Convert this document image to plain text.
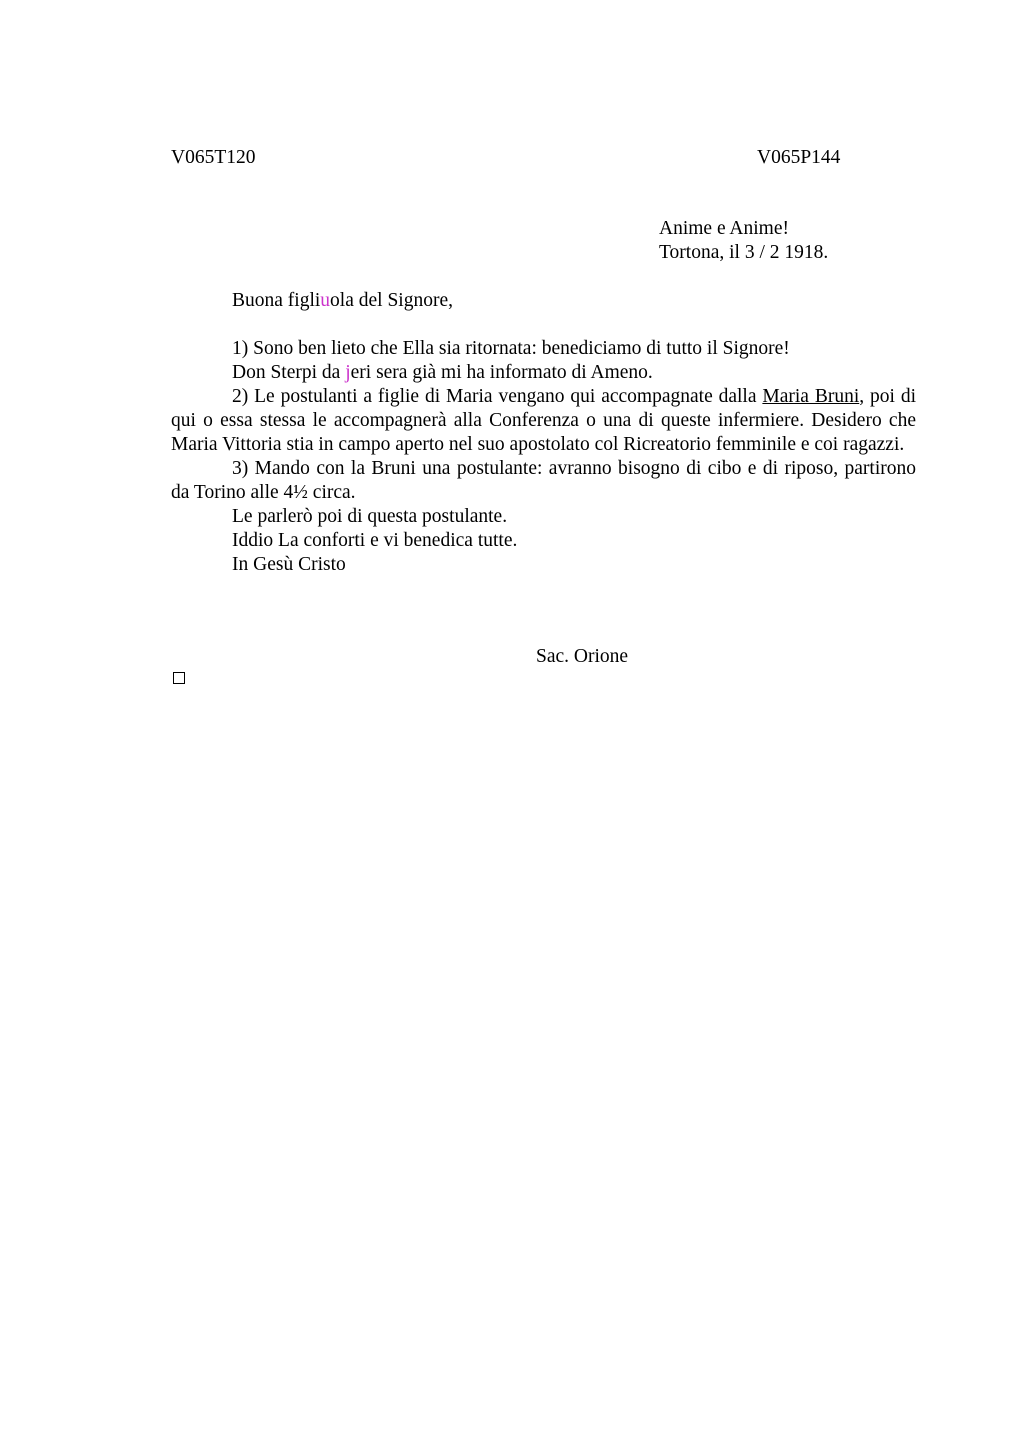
V065T120	V065P144
Anime e Anime!
Tortona, il 3 / 2 1918.
Buona figliuola del Signore,
1) Sono ben lieto che Ella sia ritornata: benediciamo di tutto il Signore!
Don Sterpi da jeri sera già mi ha informato di Ameno.
2) Le postulanti a figlie di Maria vengano qui accompagnate dalla Maria Bruni, poi di qui o essa stessa le accompagnerà alla Conferenza o una di queste infermiere. Desidero che Maria Vittoria stia in campo aperto nel suo apostolato col Ricreatorio femminile e coi ragazzi.
3) Mando con la Bruni una postulante: avranno bisogno di cibo e di riposo, partirono da Torino alle 4½ circa.
Le parlerò poi di questa postulante.
Iddio La conforti e vi benedica tutte.
In Gesù Cristo
Sac. Orione
